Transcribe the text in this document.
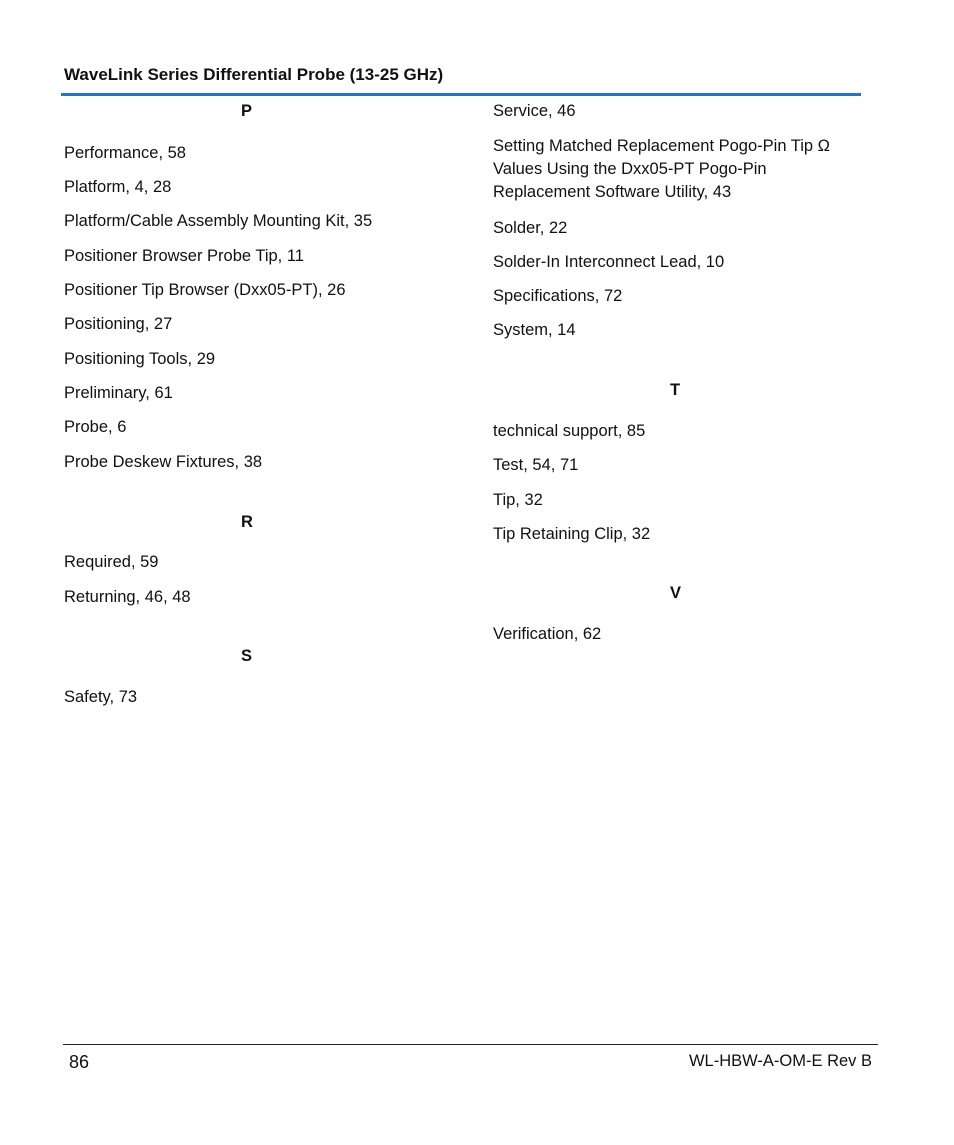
WaveLink Series Differential Probe (13-25 GHz)
P
Performance, 58
Platform, 4, 28
Platform/Cable Assembly Mounting Kit, 35
Positioner Browser Probe Tip, 11
Positioner Tip Browser (Dxx05-PT), 26
Positioning, 27
Positioning Tools, 29
Preliminary, 61
Probe, 6
Probe Deskew Fixtures, 38
R
Required, 59
Returning, 46, 48
S
Safety, 73
Service, 46
Setting Matched Replacement Pogo-Pin Tip Ω Values Using the Dxx05-PT Pogo-Pin Replacement Software Utility, 43
Solder, 22
Solder-In Interconnect Lead, 10
Specifications, 72
System, 14
T
technical support, 85
Test, 54, 71
Tip, 32
Tip Retaining Clip, 32
V
Verification, 62
86	WL-HBW-A-OM-E Rev B
